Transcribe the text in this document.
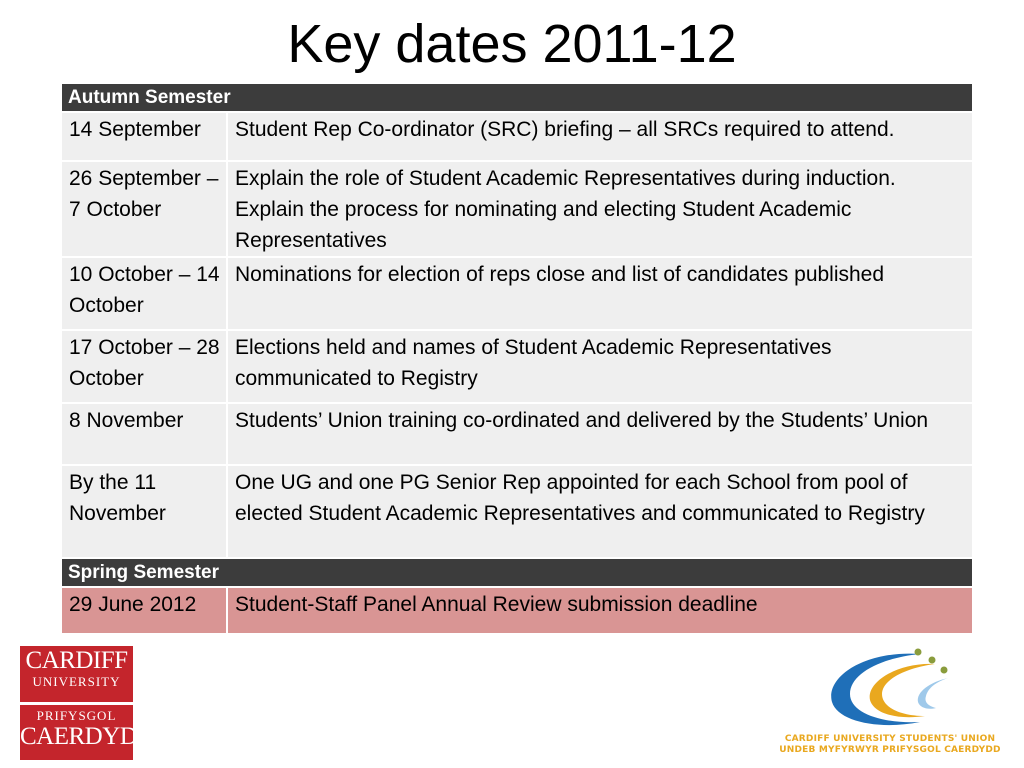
Key dates 2011-12
Autumn Semester	
14 September	Student Rep Co-ordinator (SRC) briefing – all SRCs required to attend.
26 September – 7 October	Explain the role of Student Academic Representatives during induction. Explain the process for nominating and electing Student Academic Representatives
10 October – 14 October	Nominations for election of reps close and list of candidates published
17 October – 28 October	Elections held and names of Student Academic Representatives communicated to Registry
8 November	Students’ Union training co-ordinated and delivered by the Students’ Union
By the 11 November	One UG and one PG Senior Rep appointed for each School from pool of elected Student Academic Representatives and communicated to Registry
Spring Semester	
29 June 2012	Student-Staff Panel Annual Review submission deadline
CARDIFF
UNIVERSITY
PRIFYSGOL
CAERDYD	CARDIFF UNIVERSITY STUDENTS' UNION
UNDEB MYFYRWYR PRIFYSGOL CAERDYDD
